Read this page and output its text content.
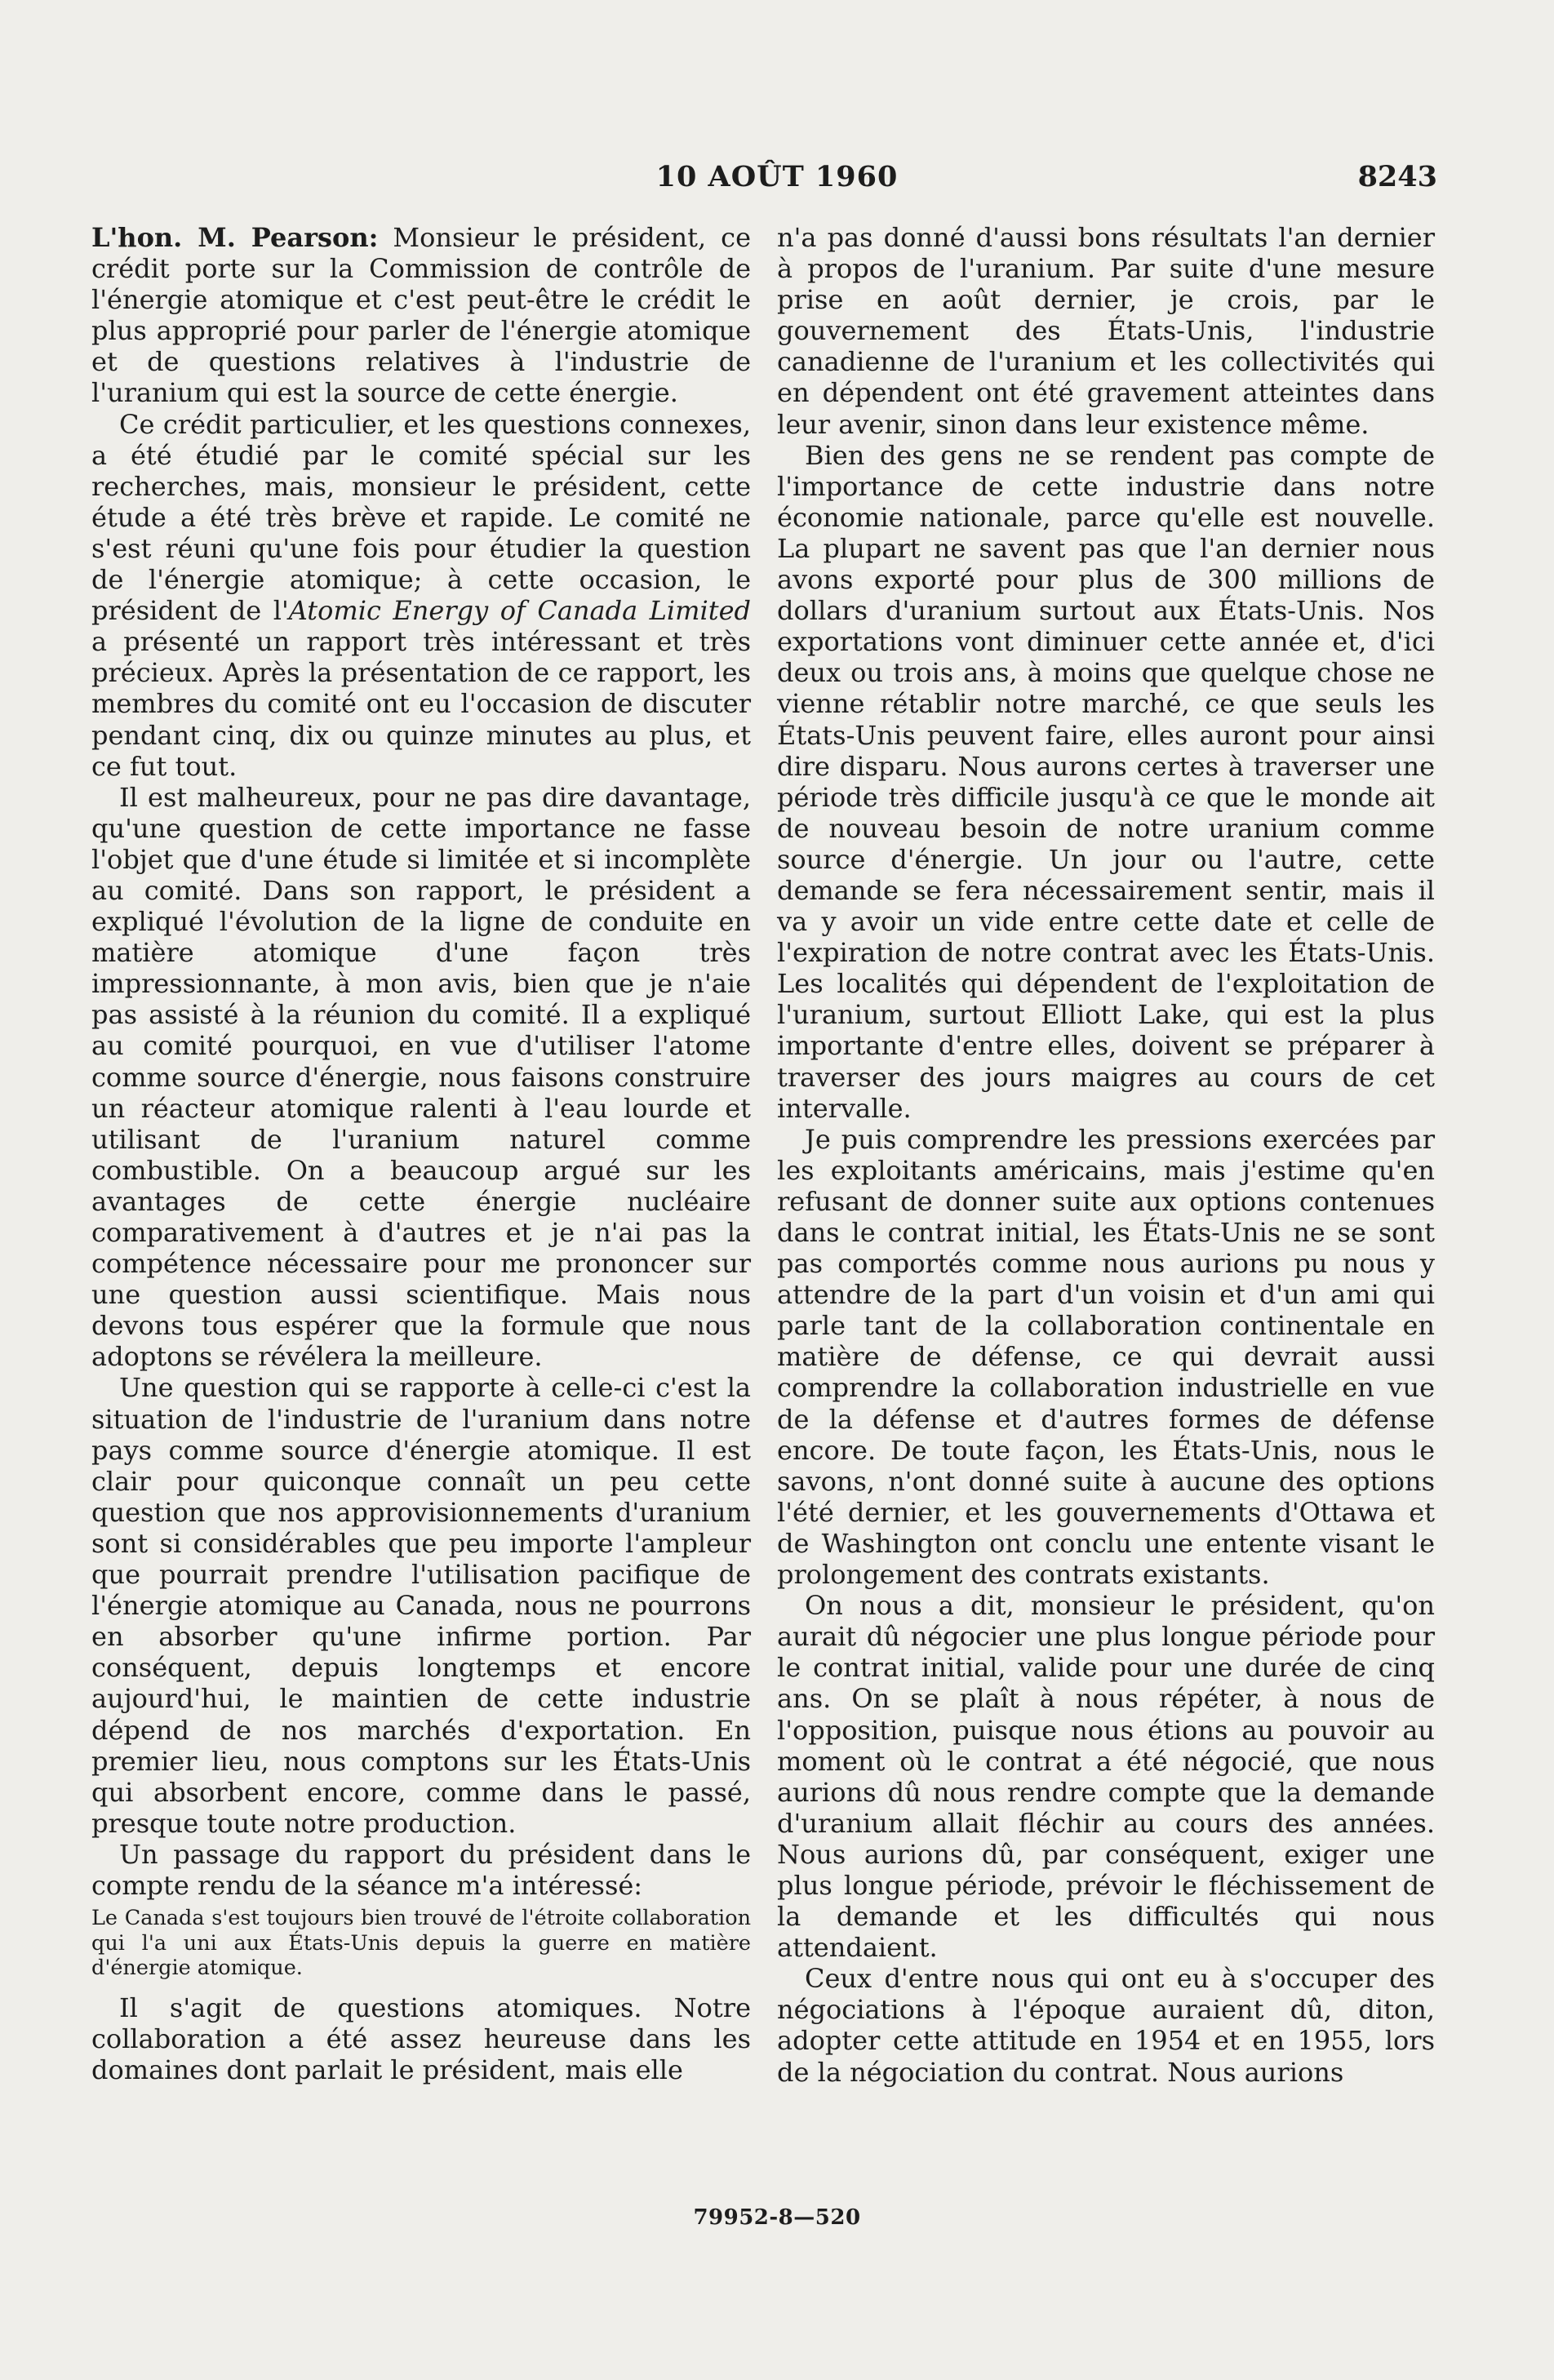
10 AOÛT 1960	8243

L'hon. M. Pearson: Monsieur le président, ce crédit porte sur la Commission de contrôle de l'énergie atomique et c'est peut-être le crédit le plus approprié pour parler de l'énergie atomique et de questions relatives à l'industrie de l'uranium qui est la source de cette énergie.

Ce crédit particulier, et les questions connexes, a été étudié par le comité spécial sur les recherches, mais, monsieur le président, cette étude a été très brève et rapide. Le comité ne s'est réuni qu'une fois pour étudier la question de l'énergie atomique; à cette occasion, le président de l'Atomic Energy of Canada Limited a présenté un rapport très intéressant et très précieux. Après la présentation de ce rapport, les membres du comité ont eu l'occasion de discuter pendant cinq, dix ou quinze minutes au plus, et ce fut tout.

Il est malheureux, pour ne pas dire davantage, qu'une question de cette importance ne fasse l'objet que d'une étude si limitée et si incomplète au comité. Dans son rapport, le président a expliqué l'évolution de la ligne de conduite en matière atomique d'une façon très impressionnante, à mon avis, bien que je n'aie pas assisté à la réunion du comité. Il a expliqué au comité pourquoi, en vue d'utiliser l'atome comme source d'énergie, nous faisons construire un réacteur atomique ralenti à l'eau lourde et utilisant de l'uranium naturel comme combustible. On a beaucoup argué sur les avantages de cette énergie nucléaire comparativement à d'autres et je n'ai pas la compétence nécessaire pour me prononcer sur une question aussi scientifique. Mais nous devons tous espérer que la formule que nous adoptons se révélera la meilleure.

Une question qui se rapporte à celle-ci c'est la situation de l'industrie de l'uranium dans notre pays comme source d'énergie atomique. Il est clair pour quiconque connaît un peu cette question que nos approvisionnements d'uranium sont si considérables que peu importe l'ampleur que pourrait prendre l'utilisation pacifique de l'énergie atomique au Canada, nous ne pourrons en absorber qu'une infirme portion. Par conséquent, depuis longtemps et encore aujourd'hui, le maintien de cette industrie dépend de nos marchés d'exportation. En premier lieu, nous comptons sur les États-Unis qui absorbent encore, comme dans le passé, presque toute notre production.

Un passage du rapport du président dans le compte rendu de la séance m'a intéressé:

Le Canada s'est toujours bien trouvé de l'étroite collaboration qui l'a uni aux États-Unis depuis la guerre en matière d'énergie atomique.

Il s'agit de questions atomiques. Notre collaboration a été assez heureuse dans les domaines dont parlait le président, mais elle

n'a pas donné d'aussi bons résultats l'an dernier à propos de l'uranium. Par suite d'une mesure prise en août dernier, je crois, par le gouvernement des États-Unis, l'industrie canadienne de l'uranium et les collectivités qui en dépendent ont été gravement atteintes dans leur avenir, sinon dans leur existence même.

Bien des gens ne se rendent pas compte de l'importance de cette industrie dans notre économie nationale, parce qu'elle est nouvelle. La plupart ne savent pas que l'an dernier nous avons exporté pour plus de 300 millions de dollars d'uranium surtout aux États-Unis. Nos exportations vont diminuer cette année et, d'ici deux ou trois ans, à moins que quelque chose ne vienne rétablir notre marché, ce que seuls les États-Unis peuvent faire, elles auront pour ainsi dire disparu. Nous aurons certes à traverser une période très difficile jusqu'à ce que le monde ait de nouveau besoin de notre uranium comme source d'énergie. Un jour ou l'autre, cette demande se fera nécessairement sentir, mais il va y avoir un vide entre cette date et celle de l'expiration de notre contrat avec les États-Unis. Les localités qui dépendent de l'exploitation de l'uranium, surtout Elliott Lake, qui est la plus importante d'entre elles, doivent se préparer à traverser des jours maigres au cours de cet intervalle.

Je puis comprendre les pressions exercées par les exploitants américains, mais j'estime qu'en refusant de donner suite aux options contenues dans le contrat initial, les États-Unis ne se sont pas comportés comme nous aurions pu nous y attendre de la part d'un voisin et d'un ami qui parle tant de la collaboration continentale en matière de défense, ce qui devrait aussi comprendre la collaboration industrielle en vue de la défense et d'autres formes de défense encore. De toute façon, les États-Unis, nous le savons, n'ont donné suite à aucune des options l'été dernier, et les gouvernements d'Ottawa et de Washington ont conclu une entente visant le prolongement des contrats existants.

On nous a dit, monsieur le président, qu'on aurait dû négocier une plus longue période pour le contrat initial, valide pour une durée de cinq ans. On se plaît à nous répéter, à nous de l'opposition, puisque nous étions au pouvoir au moment où le contrat a été négocié, que nous aurions dû nous rendre compte que la demande d'uranium allait fléchir au cours des années. Nous aurions dû, par conséquent, exiger une plus longue période, prévoir le fléchissement de la demande et les difficultés qui nous attendaient.

Ceux d'entre nous qui ont eu à s'occuper des négociations à l'époque auraient dû, diton, adopter cette attitude en 1954 et en 1955, lors de la négociation du contrat. Nous aurions

79952-8—520
